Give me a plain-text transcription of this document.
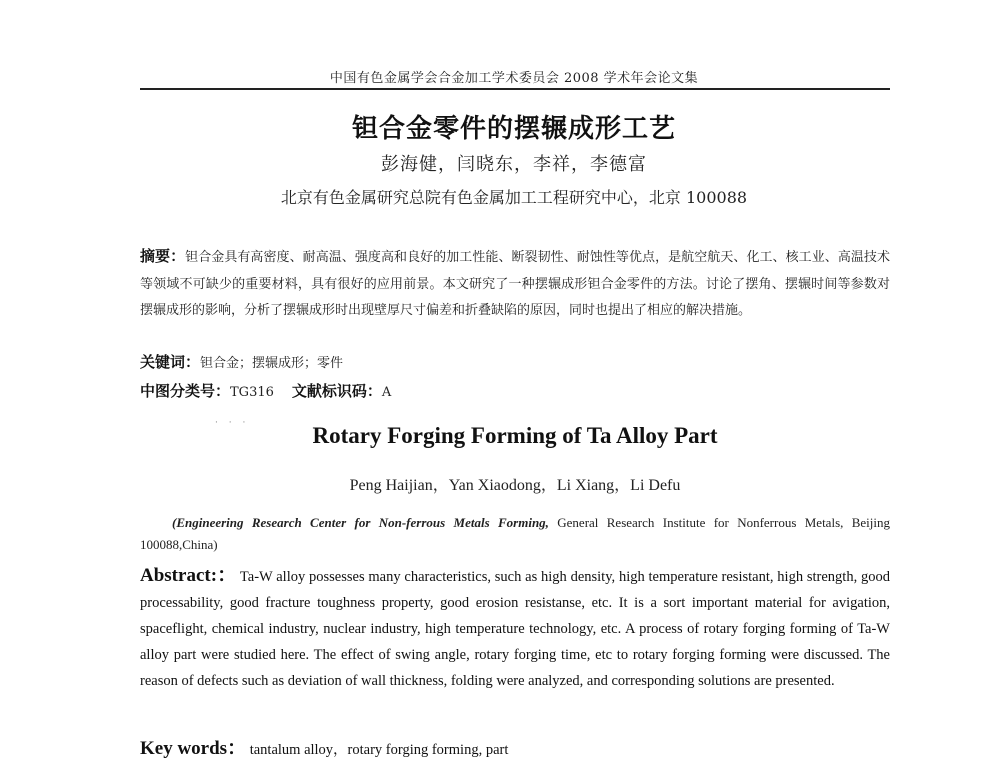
中国有色金属学会合金加工学术委员会 2008 学术年会论文集
钽合金零件的摆辗成形工艺
彭海健，闫晓东，李祥，李德富
北京有色金属研究总院有色金属加工工程研究中心，北京 100088
摘要：钽合金具有高密度、耐高温、强度高和良好的加工性能、断裂韧性、耐蚀性等优点，是航空航天、化工、核工业、高温技术等领域不可缺少的重要材料，具有很好的应用前景。本文研究了一种摆辗成形钽合金零件的方法。讨论了摆角、摆辗时间等参数对摆辗成形的影响，分析了摆辗成形时出现壁厚尺寸偏差和折叠缺陷的原因，同时也提出了相应的解决措施。
关键词：钽合金；摆辗成形；零件
中图分类号：TG316 文献标识码：A
· · ·	Rotary Forging Forming of Ta Alloy Part
Peng Haijian，Yan Xiaodong，Li Xiang，Li Defu
(Engineering Research Center for Non-ferrous Metals Forming, General Research Institute for Nonferrous Metals, Beijing 100088,China)
Abstract:： Ta-W alloy possesses many characteristics, such as high density, high temperature resistant, high strength, good processability, good fracture toughness property, good erosion resistanse, etc. It is a sort important material for avigation, spaceflight, chemical industry, nuclear industry, high temperature technology, etc. A process of rotary forging forming of Ta-W alloy part were studied here. The effect of swing angle, rotary forging time, etc to rotary forging forming were discussed. The reason of defects such as deviation of wall thickness, folding were analyzed, and corresponding solutions are presented.
Key words： tantalum alloy，rotary forging forming, part
